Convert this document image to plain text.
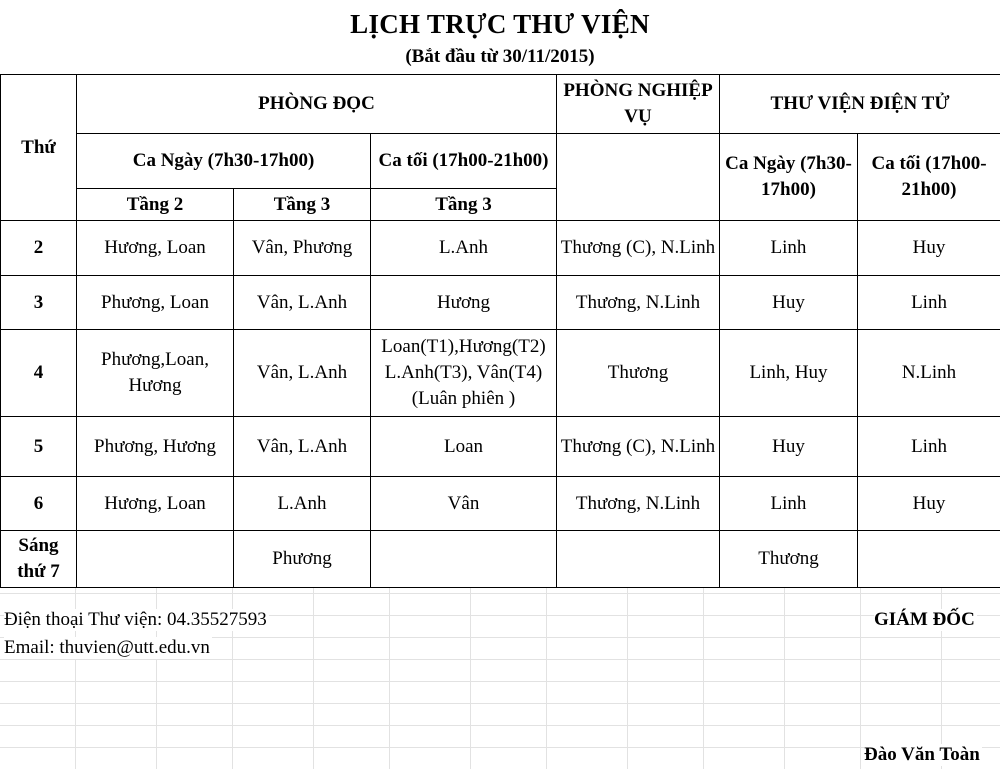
LỊCH TRỰC THƯ VIỆN
(Bắt đầu từ 30/11/2015)
Thứ	PHÒNG ĐỌC			PHÒNG NGHIỆP VỤ	THƯ VIỆN ĐIỆN TỬ	
	Ca Ngày (7h30-17h00)		Ca tối (17h00-21h00)		Ca Ngày (7h30-17h00)	Ca tối (17h00-21h00)
	Tầng 2	Tầng 3	Tầng 3			
2	Hương, Loan	Vân, Phương	L.Anh	Thương (C), N.Linh	Linh	Huy
3	Phương, Loan	Vân, L.Anh	Hương	Thương, N.Linh	Huy	Linh
4	Phương,Loan, Hương	Vân, L.Anh	Loan(T1),Hương(T2) L.Anh(T3), Vân(T4) (Luân phiên )	Thương	Linh, Huy	N.Linh
5	Phương, Hương	Vân, L.Anh	Loan	Thương (C), N.Linh	Huy	Linh
6	Hương, Loan	L.Anh	Vân	Thương, N.Linh	Linh	Huy
Sáng thứ 7		Phương			Thương	
Điện thoại Thư viện: 04.35527593
Email: thuvien@utt.edu.vn
GIÁM ĐỐC
Đào Văn Toàn
